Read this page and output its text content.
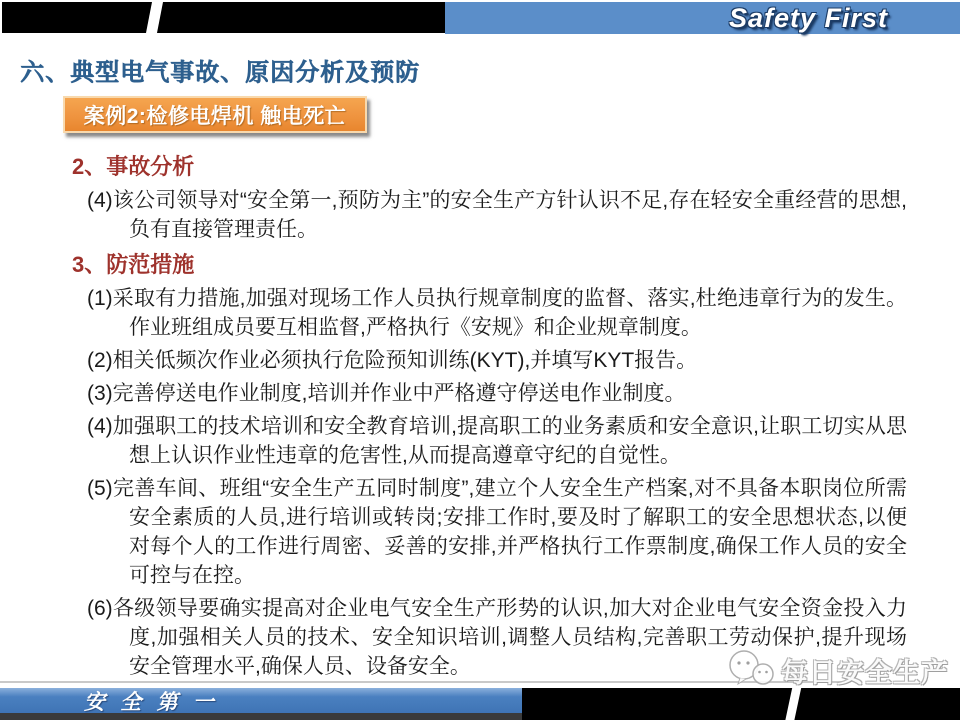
Safety First
六、典型电气事故、原因分析及预防
案例2:检修电焊机 触电死亡
2、事故分析

(4)该公司领导对“安全第一,预防为主”的安全生产方针认识不足,存在轻安全重经营的思想,负有直接管理责任。

3、防范措施

(1)采取有力措施,加强对现场工作人员执行规章制度的监督、落实,杜绝违章行为的发生。作业班组成员要互相监督,严格执行《安规》和企业规章制度。

(2)相关低频次作业必须执行危险预知训练(KYT),并填写KYT报告。

(3)完善停送电作业制度,培训并作业中严格遵守停送电作业制度。

(4)加强职工的技术培训和安全教育培训,提高职工的业务素质和安全意识,让职工切实从思想上认识作业性违章的危害性,从而提高遵章守纪的自觉性。

(5)完善车间、班组“安全生产五同时制度”,建立个人安全生产档案,对不具备本职岗位所需安全素质的人员,进行培训或转岗;安排工作时,要及时了解职工的安全思想状态,以便对每个人的工作进行周密、妥善的安排,并严格执行工作票制度,确保工作人员的安全可控与在控。

(6)各级领导要确实提高对企业电气安全生产形势的认识,加大对企业电气安全资金投入力度,加强相关人员的技术、安全知识培训,调整人员结构,完善职工劳动保护,提升现场安全管理水平,确保人员、设备安全。

安 全 第 一
每日安全生产
